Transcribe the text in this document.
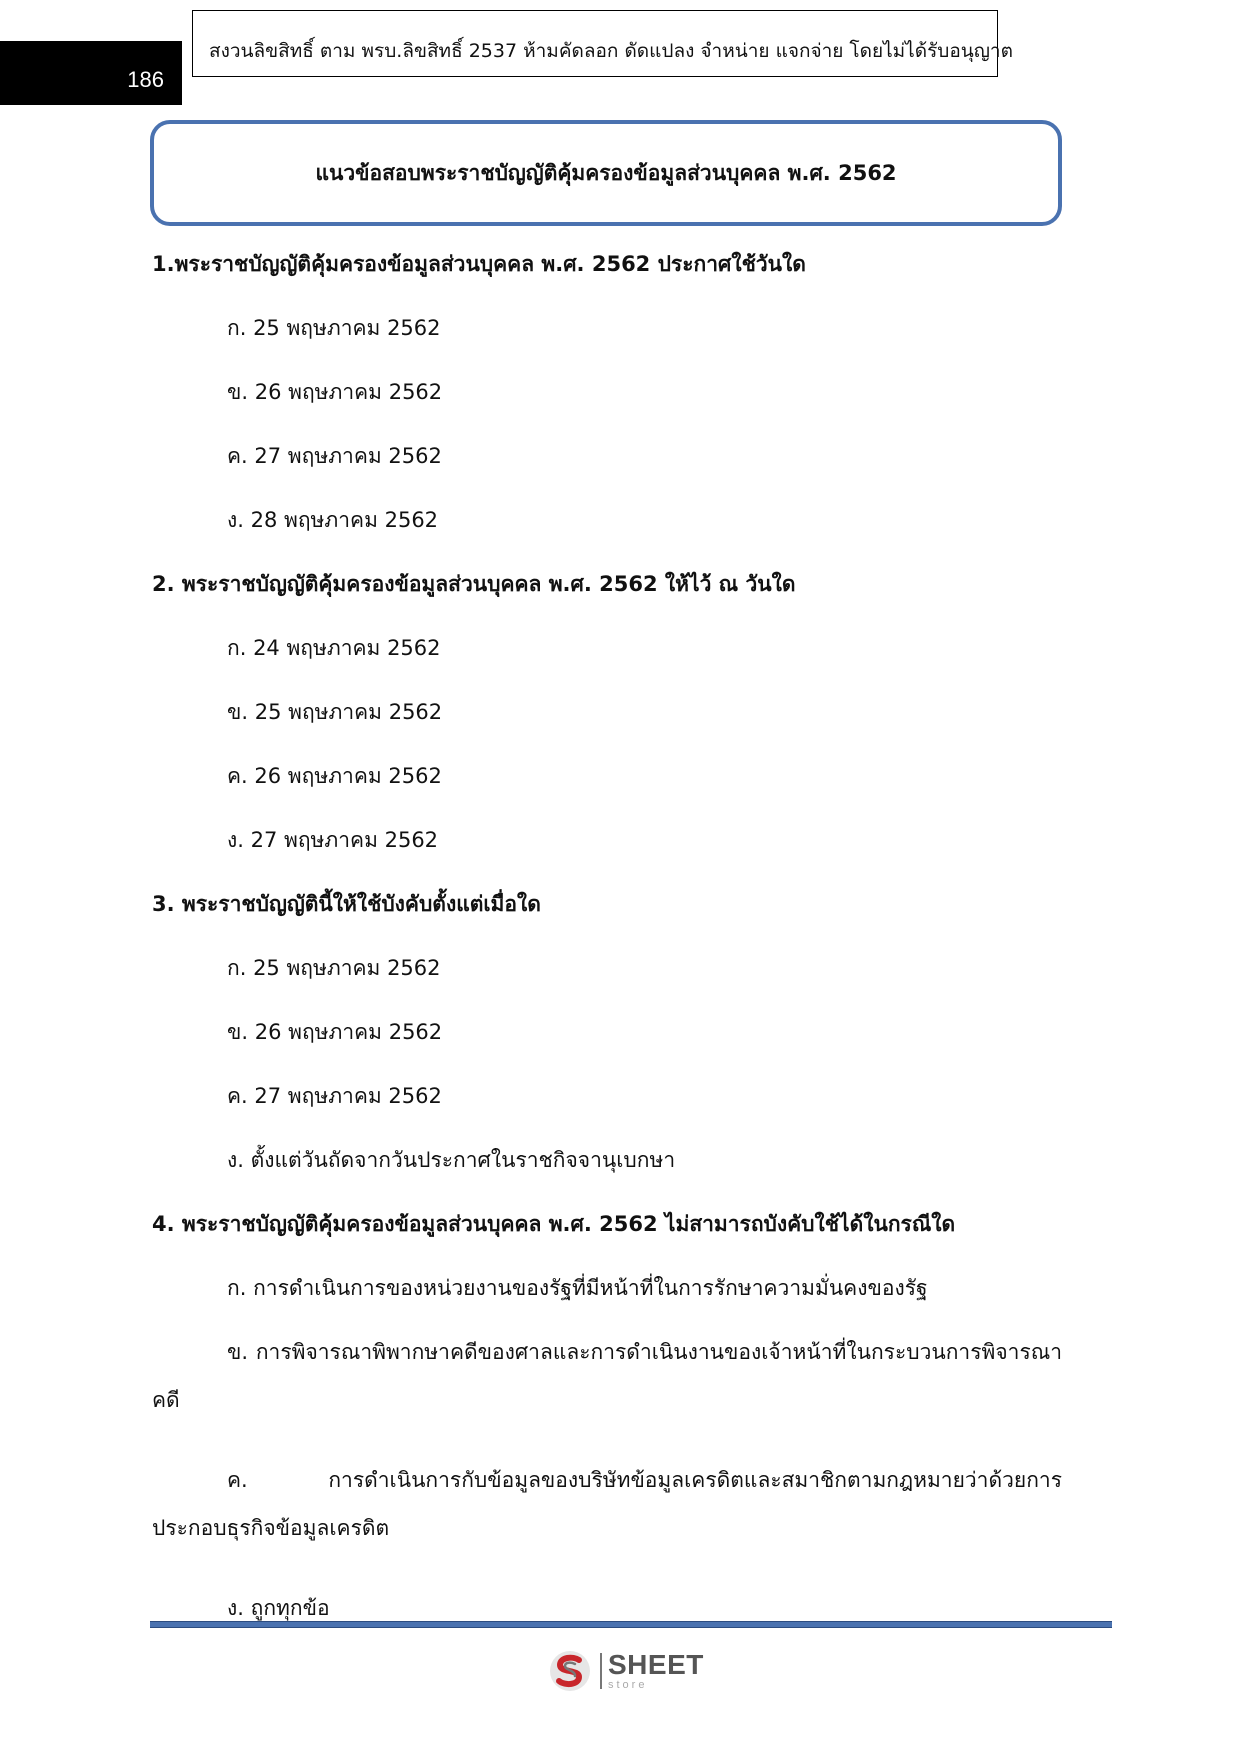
186
สงวนลิขสิทธิ์ ตาม พรบ.ลิขสิทธิ์ 2537 ห้ามคัดลอก ดัดแปลง จำหน่าย แจกจ่าย โดยไม่ได้รับอนุญาต
แนวข้อสอบพระราชบัญญัติคุ้มครองข้อมูลส่วนบุคคล พ.ศ. 2562
1.พระราชบัญญัติคุ้มครองข้อมูลส่วนบุคคล พ.ศ. 2562 ประกาศใช้วันใด
ก. 25 พฤษภาคม 2562
ข. 26 พฤษภาคม 2562
ค. 27 พฤษภาคม 2562
ง. 28 พฤษภาคม 2562
2. พระราชบัญญัติคุ้มครองข้อมูลส่วนบุคคล พ.ศ. 2562 ให้ไว้ ณ วันใด
ก. 24 พฤษภาคม 2562
ข. 25 พฤษภาคม 2562
ค. 26 พฤษภาคม 2562
ง. 27 พฤษภาคม 2562
3. พระราชบัญญัตินี้ให้ใช้บังคับตั้งแต่เมื่อใด
ก. 25 พฤษภาคม 2562
ข. 26 พฤษภาคม 2562
ค. 27 พฤษภาคม 2562
ง. ตั้งแต่วันถัดจากวันประกาศในราชกิจจานุเบกษา
4. พระราชบัญญัติคุ้มครองข้อมูลส่วนบุคคล พ.ศ. 2562 ไม่สามารถบังคับใช้ได้ในกรณีใด
ก. การดำเนินการของหน่วยงานของรัฐที่มีหน้าที่ในการรักษาความมั่นคงของรัฐ
ข. การพิจารณาพิพากษาคดีของศาลและการดำเนินงานของเจ้าหน้าที่ในกระบวนการพิจารณาคดี
ค. การดำเนินการกับข้อมูลของบริษัทข้อมูลเครดิตและสมาชิกตามกฎหมายว่าด้วยการประกอบธุรกิจข้อมูลเครดิต
ง. ถูกทุกข้อ
SHEET
store
